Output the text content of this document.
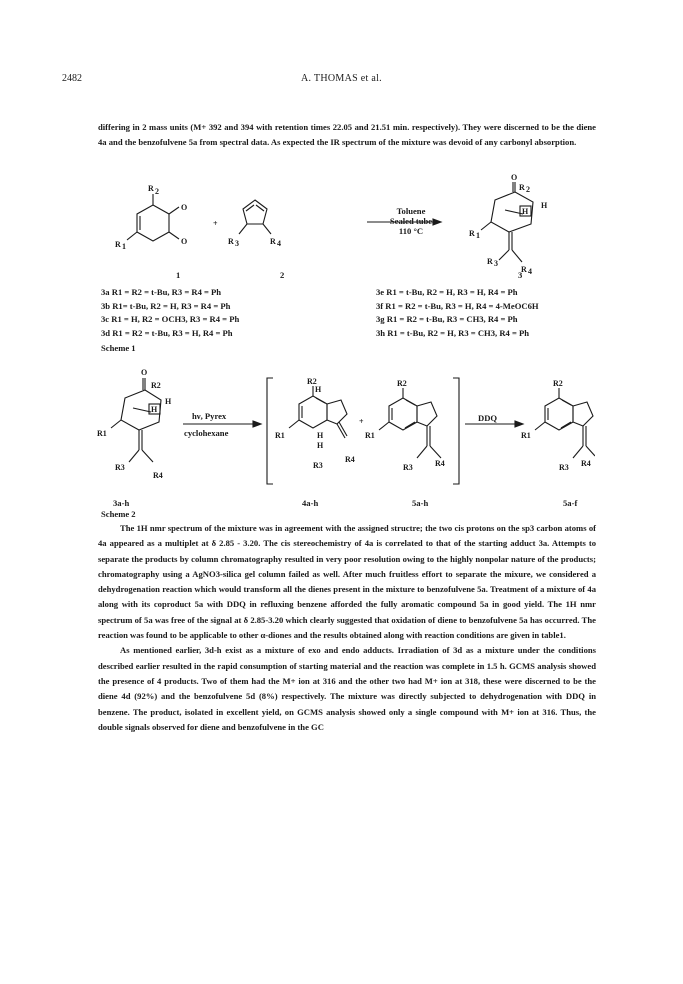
2482	A. THOMAS et al.

differing in 2 mass units (M+ 392 and 394 with retention times 22.05 and 21.51 min. respectively). They were discerned to be the diene 4a and the benzofulvene 5a from spectral data. As expected the IR spectrum of the mixture was devoid of any carbonyl absorption.

O
O
R 2
R 1
+
R 3	R 4
O
R 2
H
H
R 1
R 3
R 4
Toluene
Sealed tube
110 °C
1	2	3
3a R1 = R2 = t-Bu, R3 = R4 = Ph
3b R1= t-Bu, R2 = H, R3 = R4 = Ph
3c R1 = H, R2 = OCH3, R3 = R4 = Ph
3d R1 = R2 = t-Bu, R3 = H, R4 = Ph
3e R1 = t-Bu, R2 = H, R3 = H, R4 = Ph
3f R1 = R2 = t-Bu, R3 = H, R4 = 4-MeOC6H
3g R1 = R2 = t-Bu, R3 = CH3, R4 = Ph
3h R1 = t-Bu, R2 = H, R3 = CH3, R4 = Ph
Scheme 1
O
R2
H
H
R1
R3
R4
R2
H
R1	H
H
R3
R4
+
R2
R1
R3	R4
R2
R1
R3 R4
hν, Pyrex
cyclohexane
DDQ
3a-h	4a-h	5a-h	5a-f
Scheme 2

The 1H nmr spectrum of the mixture was in agreement with the assigned structre; the two cis protons on the sp3 carbon atoms of 4a appeared as a multiplet at δ 2.85 - 3.20. The cis stereochemistry of 4a is correlated to that of the starting adduct 3a. Attempts to separate the products by column chromatography resulted in very poor resolution owing to the highly nonpolar nature of the products; chromatography using a AgNO3-silica gel column failed as well. After much fruitless effort to separate the mixure, we considered a dehydrogenation reaction which would transform all the dienes present in the mixture to benzofulvene 5a. Treatment of a mixture of 4a along with its coproduct 5a with DDQ in refluxing benzene afforded the fully aromatic compound 5a in good yield. The 1H nmr spectrum of 5a was free of the signal at δ 2.85-3.20 which clearly suggested that oxidation of diene to benzofulvene 5a has occurred. The reaction was found to be applicable to other α-diones and the results obtained along with reaction conditions are given in table1.

As mentioned earlier, 3d-h exist as a mixture of exo and endo adducts. Irradiation of 3d as a mixture under the conditions described earlier resulted in the rapid consumption of starting material and the reaction was complete in 1.5 h. GCMS analysis showed the presence of 4 products. Two of them had the M+ ion at 316 and the other two had M+ ion at 318, these were discerned to be the diene 4d (92%) and the benzofulvene 5d (8%) respectively. The mixture was directly subjected to dehydrogenation with DDQ in benzene. The product, isolated in excellent yield, on GCMS analysis showed only a single compound with M+ ion at 316. Thus, the double signals observed for diene and benzofulvene in the GC
